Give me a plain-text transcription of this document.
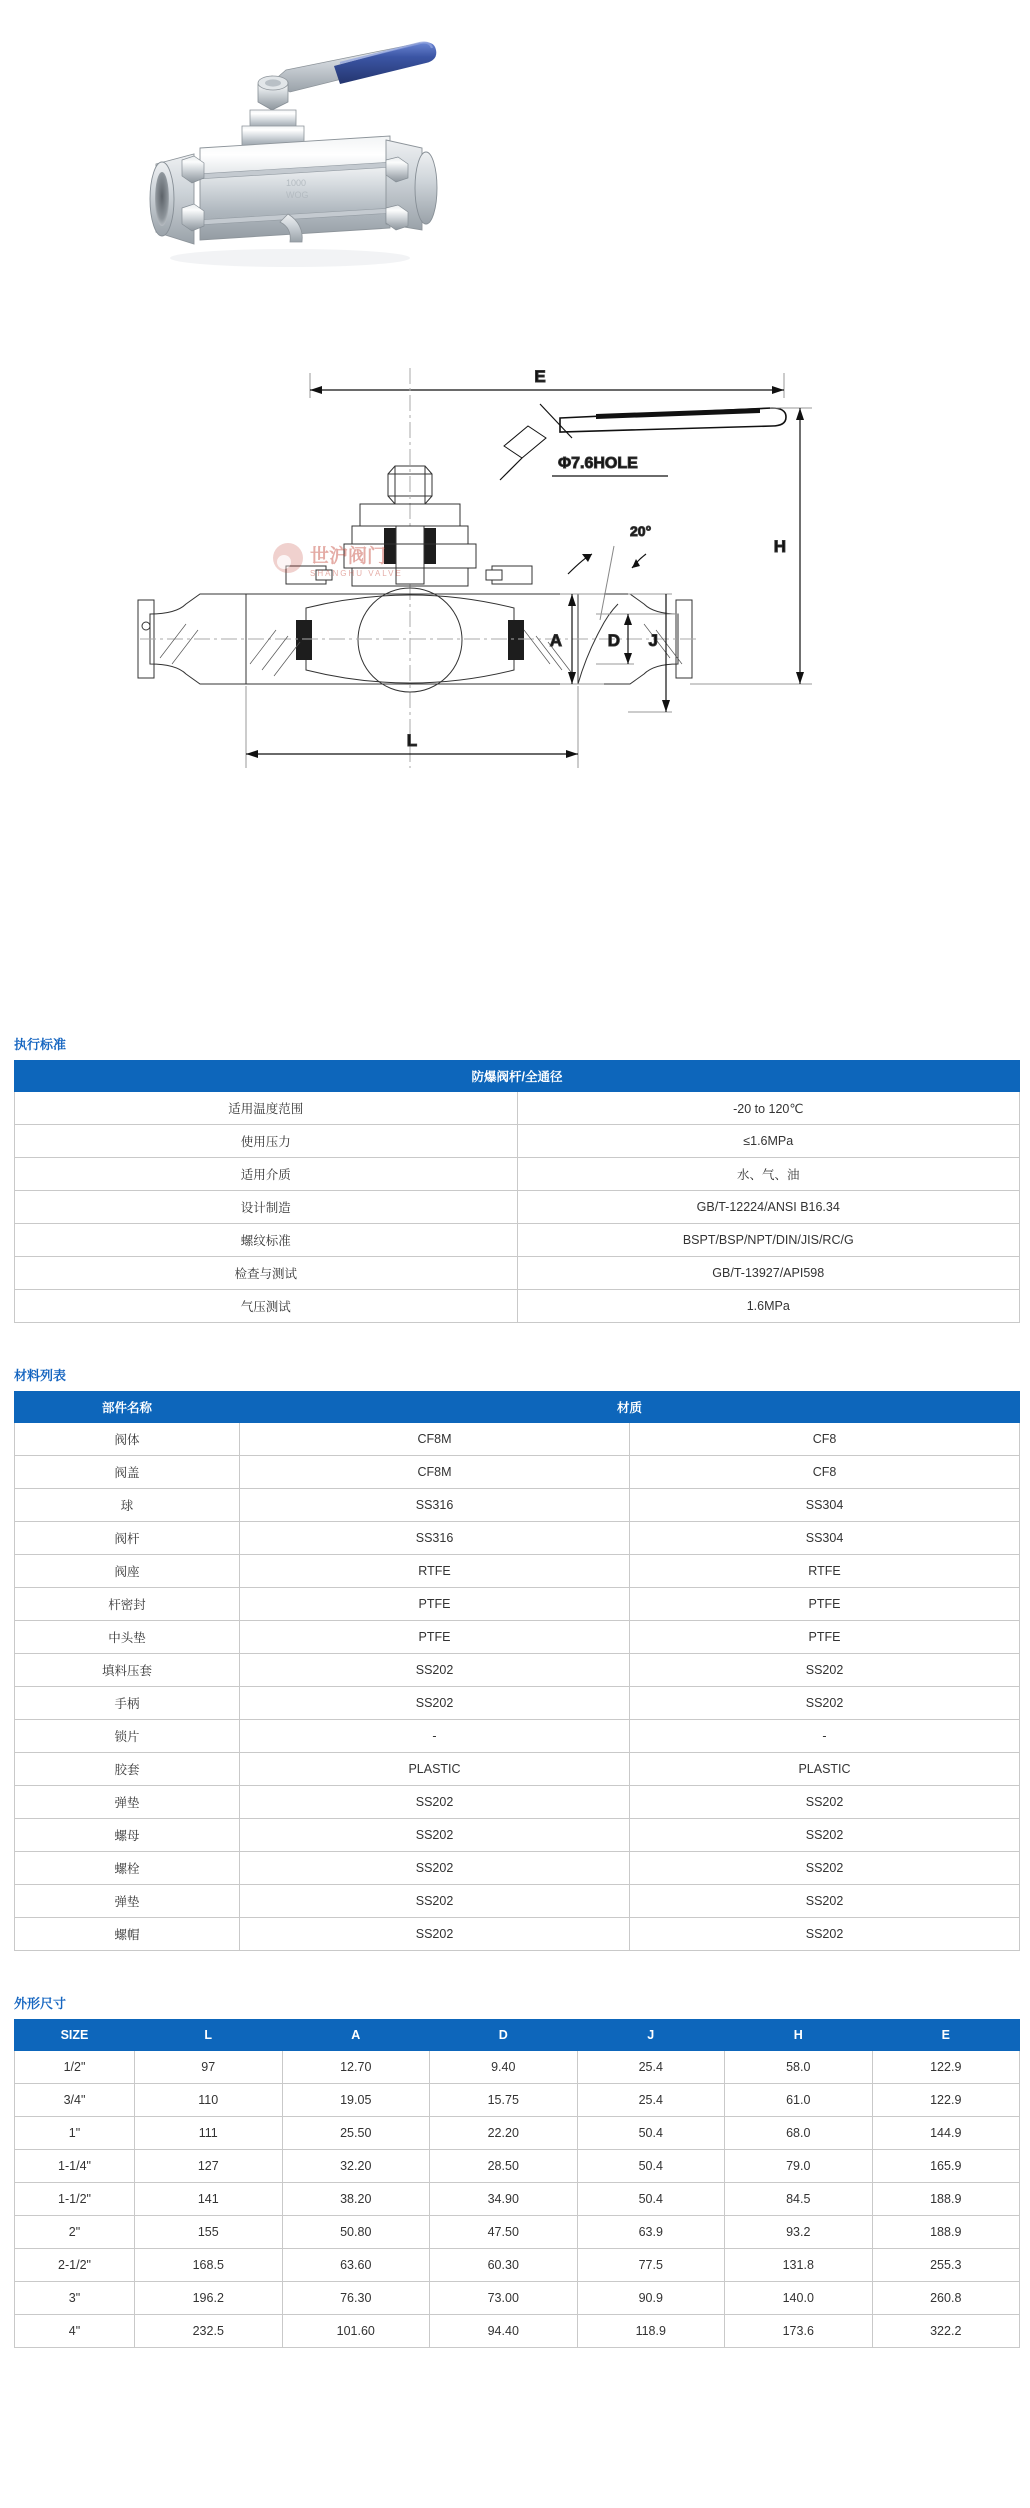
1000
WOG
E
Φ7.6HOLE
20°
H
A	D J
L
世沪阀门
SHANGHU VALVE
执行标准
防爆阀杆/全通径	
适用温度范围	-20 to 120℃
使用压力	≤1.6MPa
适用介质	水、气、油
设计制造	GB/T-12224/ANSI B16.34
螺纹标准	BSPT/BSP/NPT/DIN/JIS/RC/G
检查与测试	GB/T-13927/API598
气压测试	1.6MPa
材料列表
部件名称	材质	
阀体	CF8M	CF8
阀盖	CF8M	CF8
球	SS316	SS304
阀杆	SS316	SS304
阀座	RTFE	RTFE
杆密封	PTFE	PTFE
中头垫	PTFE	PTFE
填料压套	SS202	SS202
手柄	SS202	SS202
锁片	-	-
胶套	PLASTIC	PLASTIC
弹垫	SS202	SS202
螺母	SS202	SS202
螺栓	SS202	SS202
弹垫	SS202	SS202
螺帽	SS202	SS202
外形尺寸
SIZE	L	A	D	J	H	E
1/2"	97	12.70	9.40	25.4	58.0	122.9
3/4"	110	19.05	15.75	25.4	61.0	122.9
1"	111	25.50	22.20	50.4	68.0	144.9
1-1/4"	127	32.20	28.50	50.4	79.0	165.9
1-1/2"	141	38.20	34.90	50.4	84.5	188.9
2"	155	50.80	47.50	63.9	93.2	188.9
2-1/2"	168.5	63.60	60.30	77.5	131.8	255.3
3"	196.2	76.30	73.00	90.9	140.0	260.8
4"	232.5	101.60	94.40	118.9	173.6	322.2
